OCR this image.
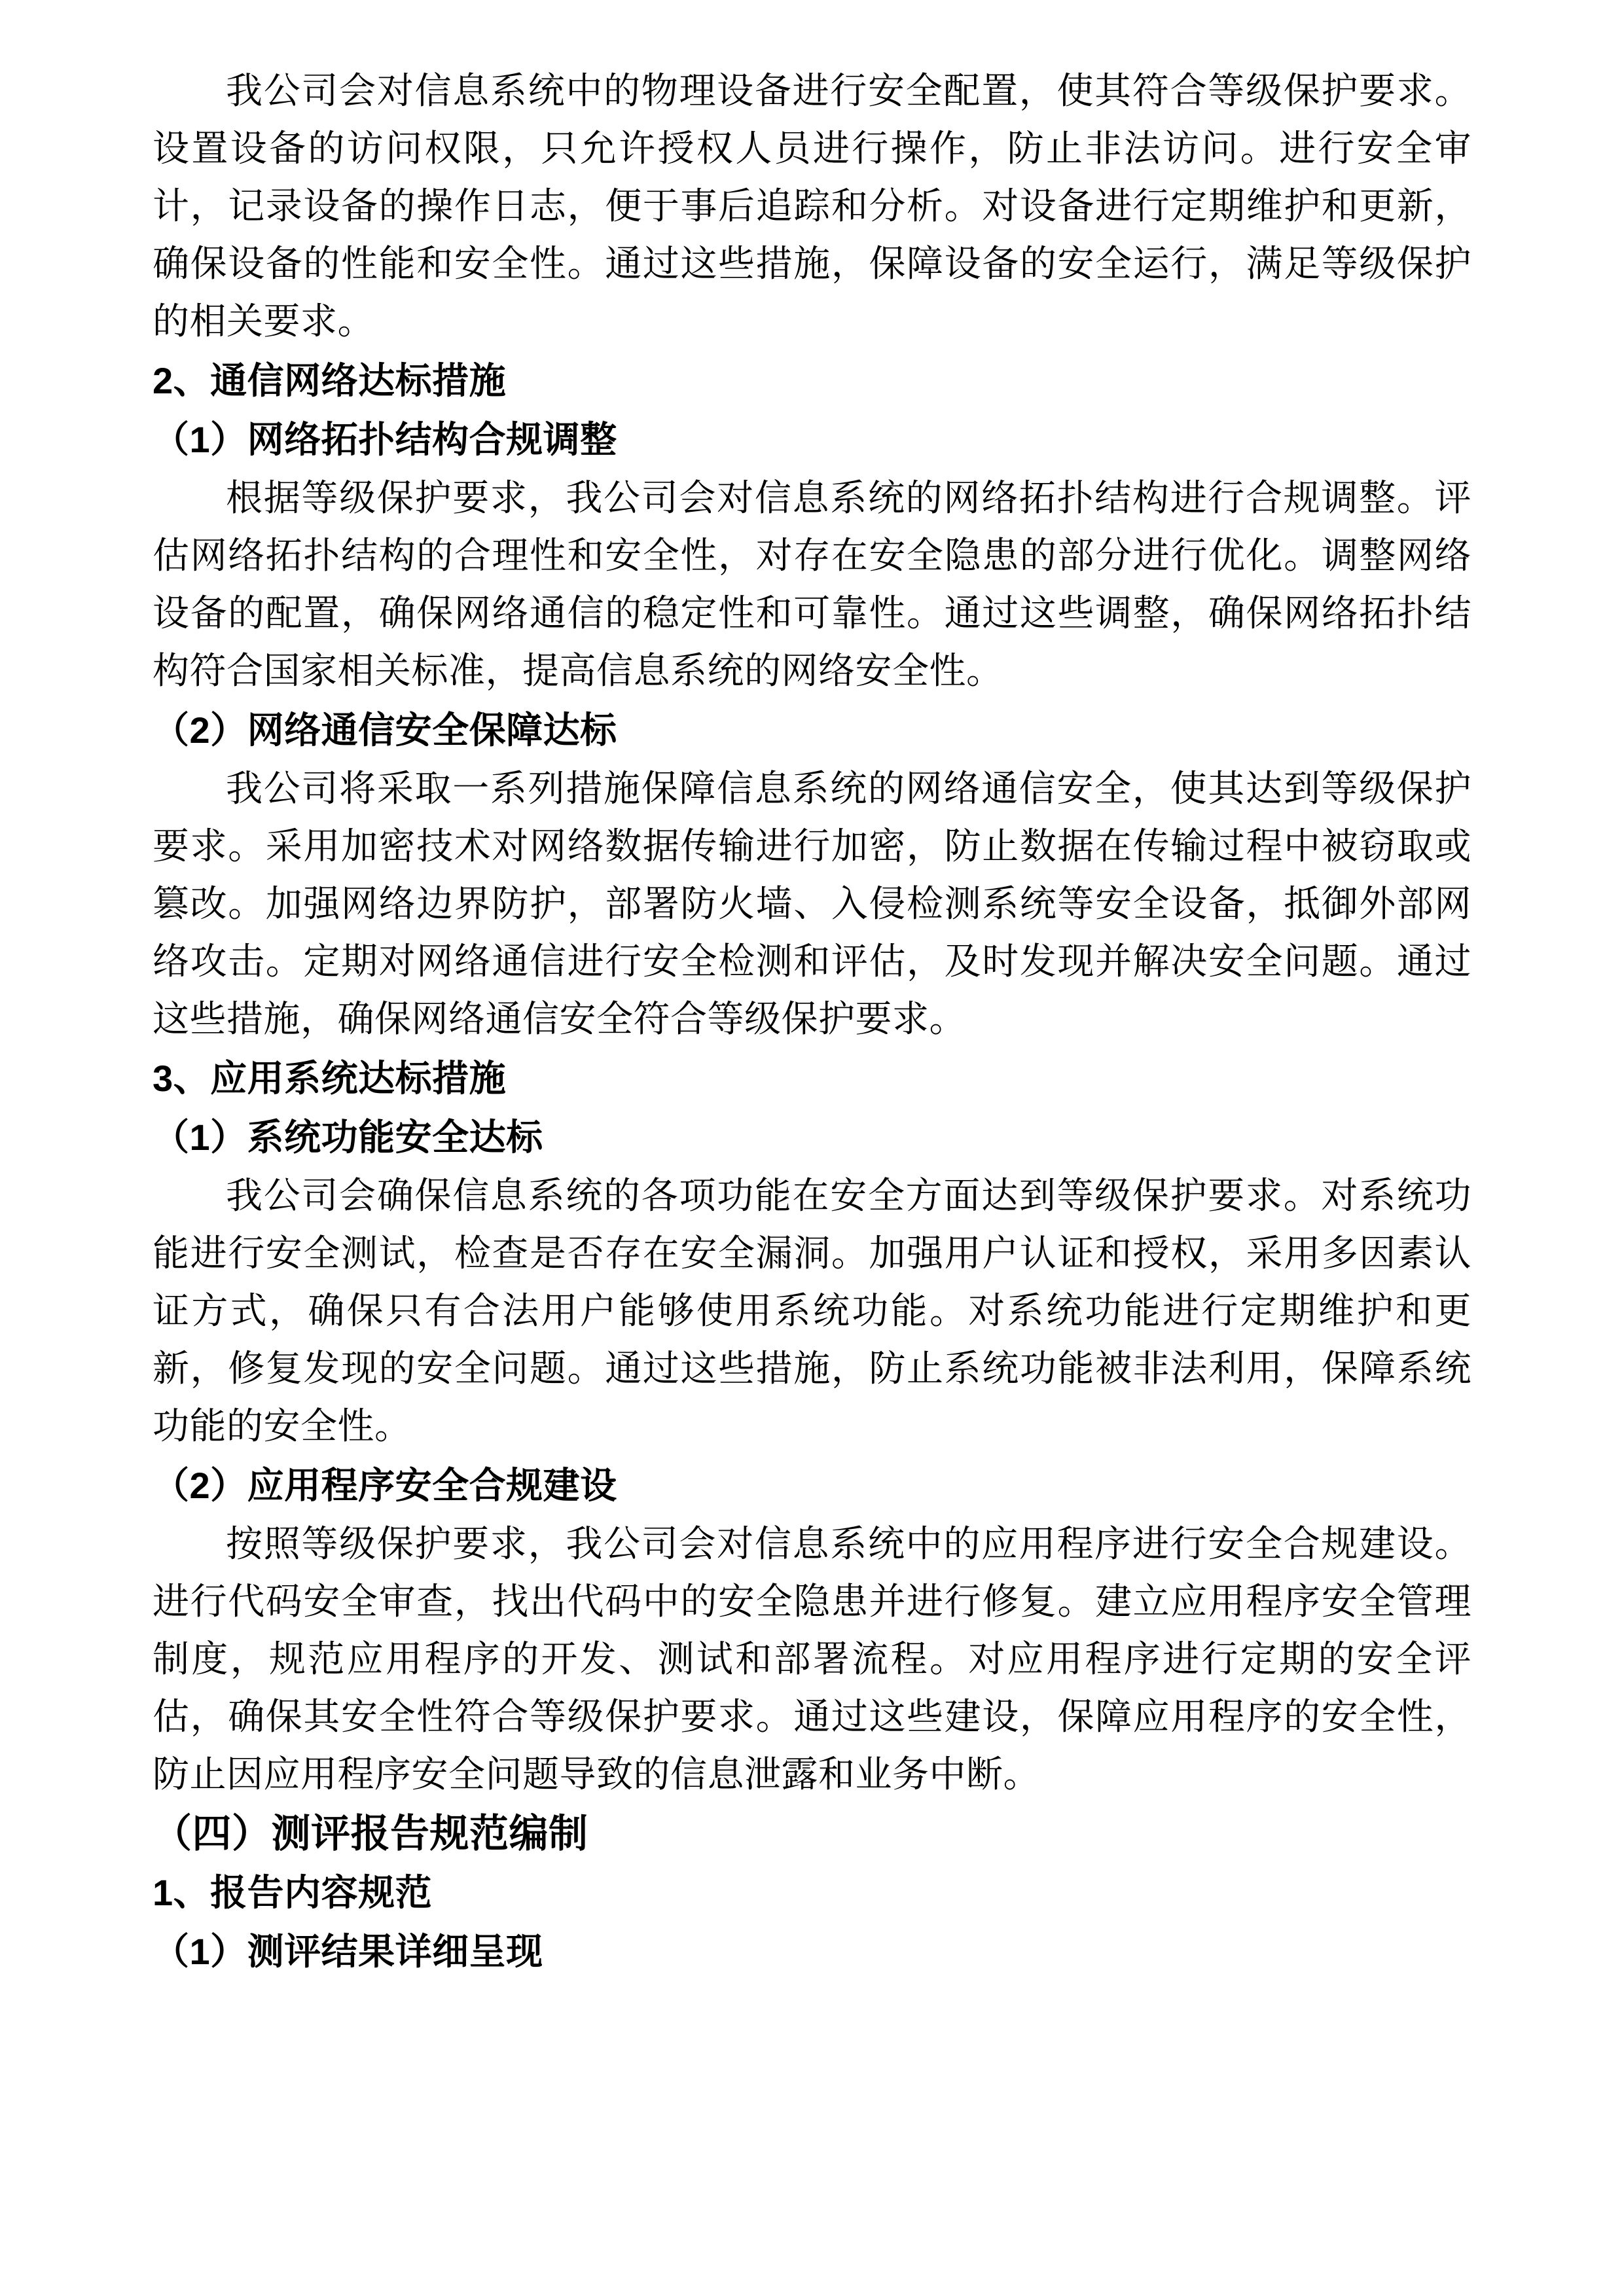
我公司会对信息系统中的物理设备进行安全配置，使其符合等级保护要求。设置设备的访问权限，只允许授权人员进行操作，防止非法访问。进行安全审计，记录设备的操作日志，便于事后追踪和分析。对设备进行定期维护和更新，确保设备的性能和安全性。通过这些措施，保障设备的安全运行，满足等级保护的相关要求。

2、通信网络达标措施

（1）网络拓扑结构合规调整

根据等级保护要求，我公司会对信息系统的网络拓扑结构进行合规调整。评估网络拓扑结构的合理性和安全性，对存在安全隐患的部分进行优化。调整网络设备的配置，确保网络通信的稳定性和可靠性。通过这些调整，确保网络拓扑结构符合国家相关标准，提高信息系统的网络安全性。

（2）网络通信安全保障达标

我公司将采取一系列措施保障信息系统的网络通信安全，使其达到等级保护要求。采用加密技术对网络数据传输进行加密，防止数据在传输过程中被窃取或篡改。加强网络边界防护，部署防火墙、入侵检测系统等安全设备，抵御外部网络攻击。定期对网络通信进行安全检测和评估，及时发现并解决安全问题。通过这些措施，确保网络通信安全符合等级保护要求。

3、应用系统达标措施

（1）系统功能安全达标

我公司会确保信息系统的各项功能在安全方面达到等级保护要求。对系统功能进行安全测试，检查是否存在安全漏洞。加强用户认证和授权，采用多因素认证方式，确保只有合法用户能够使用系统功能。对系统功能进行定期维护和更新，修复发现的安全问题。通过这些措施，防止系统功能被非法利用，保障系统功能的安全性。

（2）应用程序安全合规建设

按照等级保护要求，我公司会对信息系统中的应用程序进行安全合规建设。进行代码安全审查，找出代码中的安全隐患并进行修复。建立应用程序安全管理制度，规范应用程序的开发、测试和部署流程。对应用程序进行定期的安全评估，确保其安全性符合等级保护要求。通过这些建设，保障应用程序的安全性，防止因应用程序安全问题导致的信息泄露和业务中断。

（四）测评报告规范编制

1、报告内容规范

（1）测评结果详细呈现
